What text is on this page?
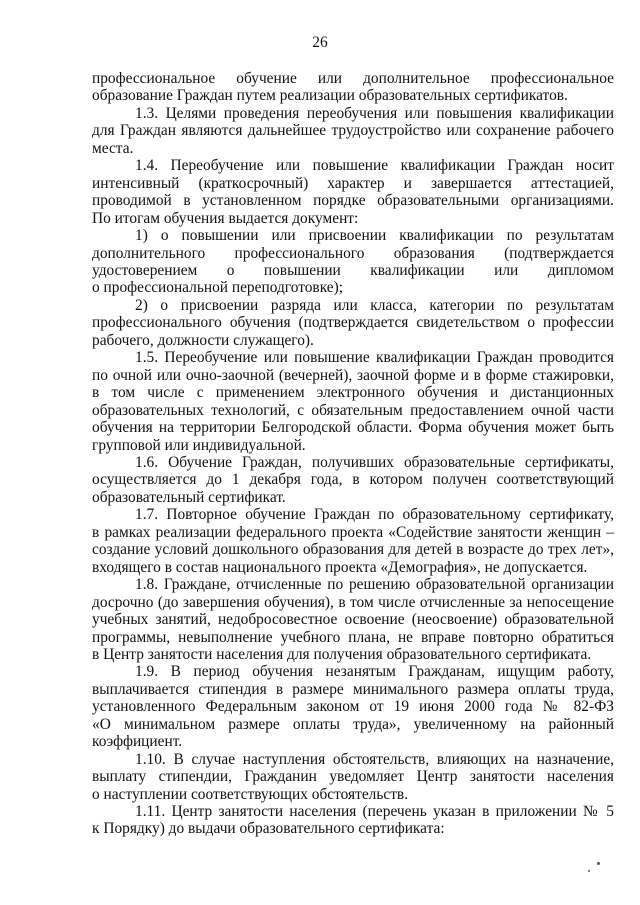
26

профессиональное обучение или дополнительное профессиональное
образование Граждан путем реализации образовательных сертификатов.

1.3. Целями проведения переобучения или повышения квалификации
для Граждан являются дальнейшее трудоустройство или сохранение рабочего
места.

1.4. Переобучение или повышение квалификации Граждан носит
интенсивный (краткосрочный) характер и завершается аттестацией,
проводимой в установленном порядке образовательными организациями.
По итогам обучения выдается документ:

1) о повышении или присвоении квалификации по результатам
дополнительного профессионального образования (подтверждается
удостоверением о повышении квалификации или дипломом
о профессиональной переподготовке);

2) о присвоении разряда или класса, категории по результатам
профессионального обучения (подтверждается свидетельством о профессии
рабочего, должности служащего).

1.5. Переобучение или повышение квалификации Граждан проводится
по очной или очно-заочной (вечерней), заочной форме и в форме стажировки,
в том числе с применением электронного обучения и дистанционных
образовательных технологий, с обязательным предоставлением очной части
обучения на территории Белгородской области. Форма обучения может быть
групповой или индивидуальной.

1.6. Обучение Граждан, получивших образовательные сертификаты,
осуществляется до 1 декабря года, в котором получен соответствующий
образовательный сертификат.

1.7. Повторное обучение Граждан по образовательному сертификату,
в рамках реализации федерального проекта «Содействие занятости женщин –
создание условий дошкольного образования для детей в возрасте до трех лет»,
входящего в состав национального проекта «Демография», не допускается.

1.8. Граждане, отчисленные по решению образовательной организации
досрочно (до завершения обучения), в том числе отчисленные за непосещение
учебных занятий, недобросовестное освоение (неосвоение) образовательной
программы, невыполнение учебного плана, не вправе повторно обратиться
в Центр занятости населения для получения образовательного сертификата.

1.9. В период обучения незанятым Гражданам, ищущим работу,
выплачивается стипендия в размере минимального размера оплаты труда,
установленного Федеральным законом от 19 июня 2000 года № 82-ФЗ
«О минимальном размере оплаты труда», увеличенному на районный
коэффициент.

1.10. В случае наступления обстоятельств, влияющих на назначение,
выплату стипендии, Гражданин уведомляет Центр занятости населения
о наступлении соответствующих обстоятельств.

1.11. Центр занятости населения (перечень указан в приложении № 5
к Порядку) до выдачи образовательного сертификата:
